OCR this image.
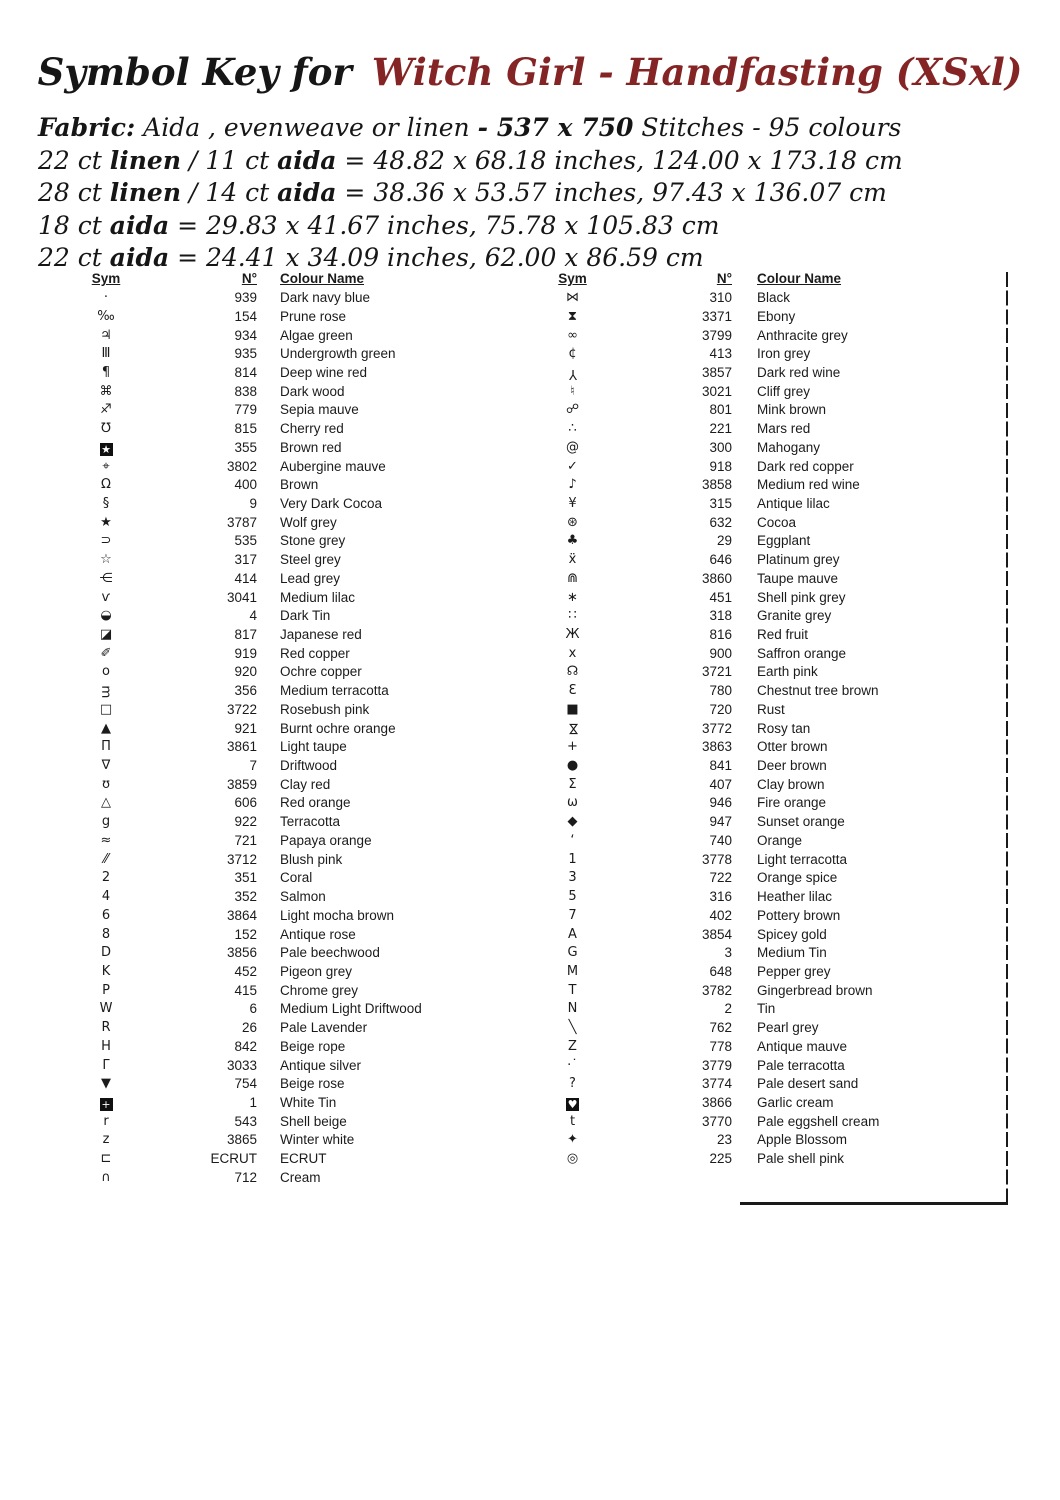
Symbol Key for Witch Girl - Handfasting (XSxl)
Fabric: Aida , evenweave or linen - 537 x 750 Stitches - 95 colours
22 ct linen / 11 ct aida = 48.82 x 68.18 inches, 124.00 x 173.18 cm
28 ct linen / 14 ct aida = 38.36 x 53.57 inches, 97.43 x 136.07 cm
18 ct aida = 29.83 x 41.67 inches, 75.78 x 105.83 cm
22 ct aida = 24.41 x 34.09 inches, 62.00 x 86.59 cm
Sym	N° Colour Name
·	939 Dark navy blue
‰	154 Prune rose
♃	934 Algae green
Ⅲ	935 Undergrowth green
¶	814 Deep wine red
⌘	838 Dark wood
♐	779 Sepia mauve
℧	815 Cherry red
★	355 Brown red
⌖	3802 Aubergine mauve
Ω	400 Brown
§	9 Very Dark Cocoa
★	3787 Wolf grey
⊃	535 Stone grey
☆	317 Steel grey
⋲	414 Lead grey
ѵ	3041 Medium lilac
◒	4 Dark Tin
◪	817 Japanese red
✐	919 Red copper
o	920 Ochre copper
ᴟ	356 Medium terracotta
□	3722 Rosebush pink
▲	921 Burnt ochre orange
Π	3861 Light taupe
∇	7 Driftwood
ʊ	3859 Clay red
△	606 Red orange
g	922 Terracotta
≈	721 Papaya orange
⁄⁄	3712 Blush pink
2	351 Coral
4	352 Salmon
6	3864 Light mocha brown
8	152 Antique rose
D	3856 Pale beechwood
K	452 Pigeon grey
P	415 Chrome grey
W	6 Medium Light Driftwood
R	26 Pale Lavender
H	842 Beige rope
Γ	3033 Antique silver
▼	754 Beige rose
+	1 White Tin
r	543 Shell beige
z	3865 Winter white
⊏	ECRUT ECRUT
∩	712 Cream
Sym	N° Colour Name
⋈	310 Black
⧗	3371 Ebony
∞	3799 Anthracite grey
¢	413 Iron grey
Y	3857 Dark red wine
♮	3021 Cliff grey
☍	801 Mink brown
∴	221 Mars red
@	300 Mahogany
✓	918 Dark red copper
♪	3858 Medium red wine
¥	315 Antique lilac
⊛	632 Cocoa
♣	29 Eggplant
ẍ	646 Platinum grey
⋒	3860 Taupe mauve
∗	451 Shell pink grey
∷	318 Granite grey
Ж	816 Red fruit
x	900 Saffron orange
☊	3721 Earth pink
Ɛ	780 Chestnut tree brown
■	720 Rust
⋈	3772 Rosy tan
+	3863 Otter brown
●	841 Deer brown
Σ	407 Clay brown
ω	946 Fire orange
◆	947 Sunset orange
ʻ	740 Orange
1	3778 Light terracotta
3	722 Orange spice
5	316 Heather lilac
7	402 Pottery brown
A	3854 Spicey gold
G	3 Medium Tin
M	648 Pepper grey
T	3782 Gingerbread brown
N	2 Tin
╲	762 Pearl grey
Z	778 Antique mauve
·˙	3779 Pale terracotta
?	3774 Pale desert sand
♥	3866 Garlic cream
t	3770 Pale eggshell cream
✦	23 Apple Blossom
◎	225 Pale shell pink
